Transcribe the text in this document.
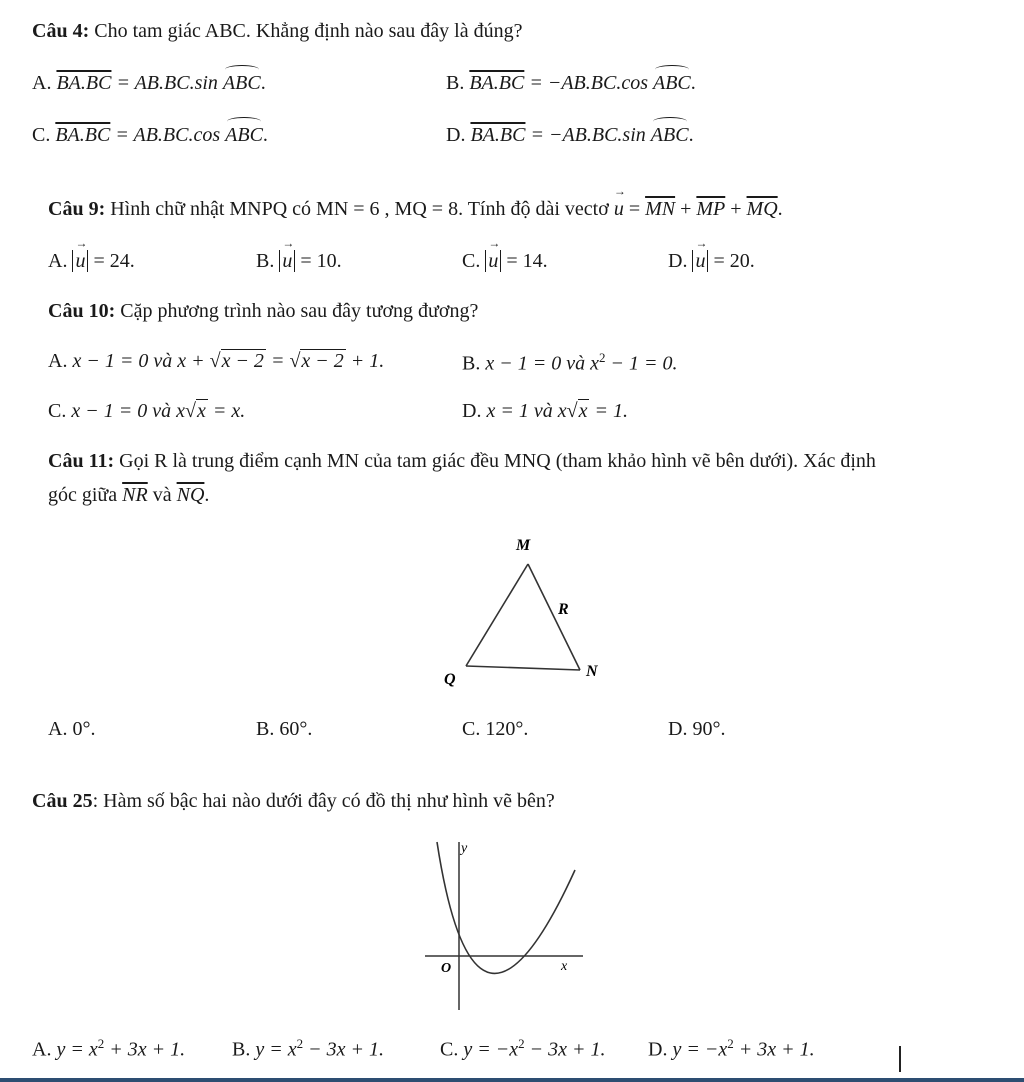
Câu 4: Cho tam giác ABC. Khẳng định nào sau đây là đúng?
A. BA.BC = AB.BC.sin ABC.	B. BA.BC = −AB.BC.cos ABC.
C. BA.BC = AB.BC.cos ABC.	D. BA.BC = −AB.BC.sin ABC.
Câu 9: Hình chữ nhật MNPQ có MN = 6 , MQ = 8. Tính độ dài vectơ → $u = \overline{MN} + \overline{MP} + \overline{MQ}$.
A. → u = 24.	B. → u = 10.	C. → u = 14.	D. → u = 20.
Câu 10: Cặp phương trình nào sau đây tương đương?
A. x − 1 = 0 và x + √x − 2 = √x − 2 + 1.	B. x − 1 = 0 và $x^2 - 1 = 0$.
C. x − 1 = 0 và x√x = x.	D. x = 1 và x√x = 1.
Câu 11: Gọi R là trung điểm cạnh MN của tam giác đều MNQ (tham khảo hình vẽ bên dưới). Xác định
góc giữa $\overline{NR}$ và $\overline{NQ}$.
M
R
Q	N
A. 0°.	B. 60°.	C. 120°.	D. 90°.
Câu 25: Hàm số bậc hai nào dưới đây có đồ thị như hình vẽ bên?
y
O	x
A. $y = x^2 + 3x + 1$. B. $y = x^2 - 3x + 1$.	C. $y = -x^2 - 3x + 1$. D. $y = -x^2 + 3x + 1$.
